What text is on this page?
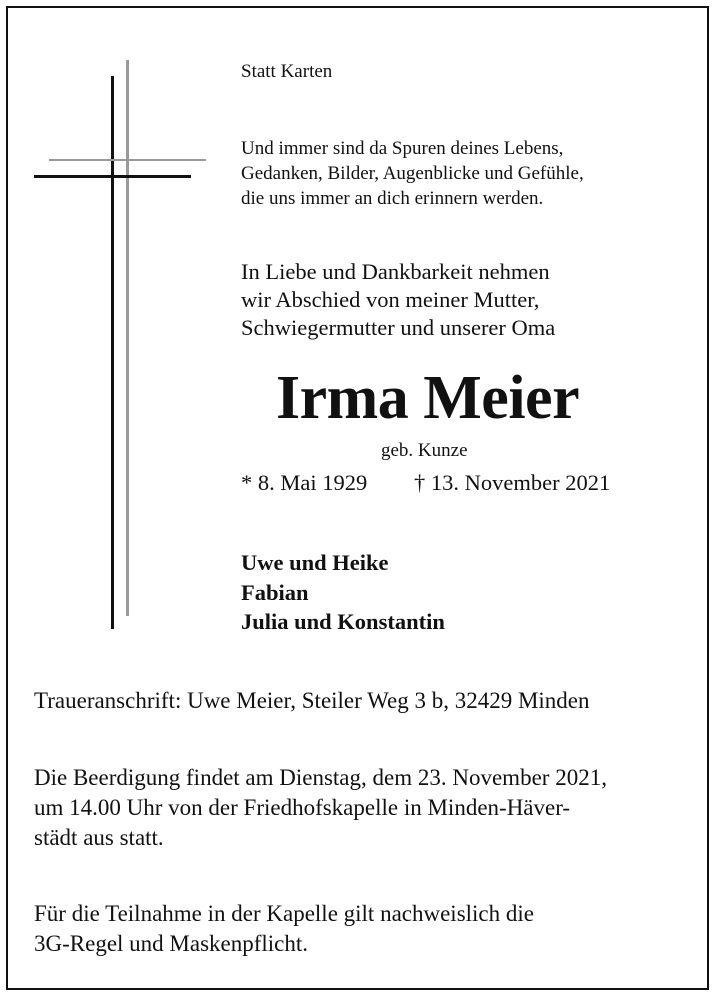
Statt Karten
Und immer sind da Spuren deines Lebens,
Gedanken, Bilder, Augenblicke und Gefühle,
die uns immer an dich erinnern werden.
In Liebe und Dankbarkeit nehmen
wir Abschied von meiner Mutter,
Schwiegermutter und unserer Oma
Irma Meier
geb. Kunze
* 8. Mai 1929 † 13. November 2021
Uwe und Heike
Fabian
Julia und Konstantin
Traueranschrift: Uwe Meier, Steiler Weg 3 b, 32429 Minden
Die Beerdigung findet am Dienstag, dem 23. November 2021,
um 14.00 Uhr von der Friedhofskapelle in Minden-Häver-
städt aus statt.
Für die Teilnahme in der Kapelle gilt nachweislich die
3G-Regel und Maskenpflicht.
